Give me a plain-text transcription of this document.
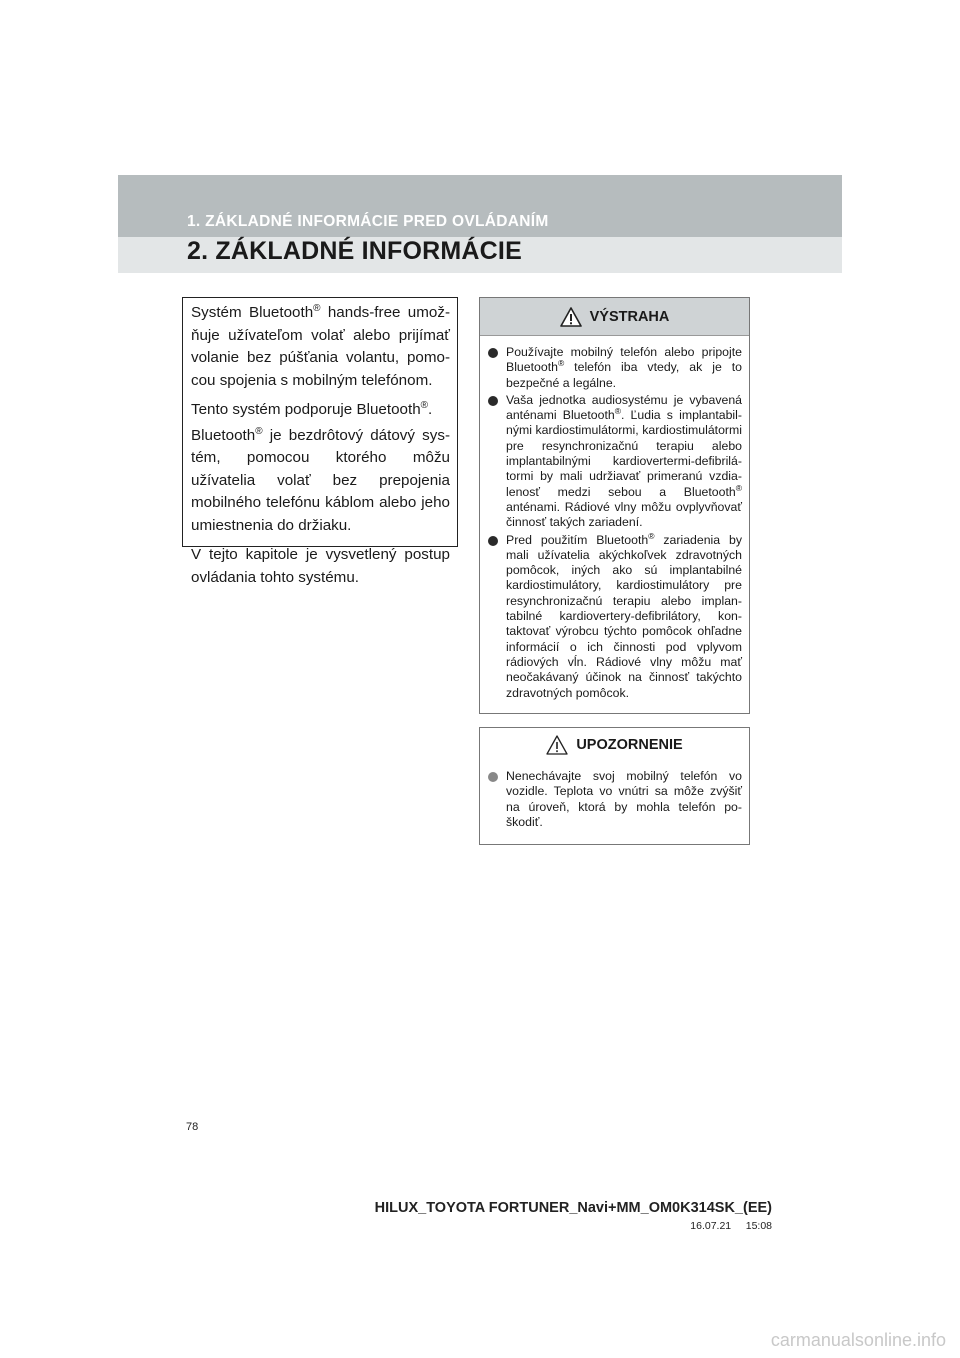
1. ZÁKLADNÉ INFORMÁCIE PRED OVLÁDANÍM
2. ZÁKLADNÉ INFORMÁCIE

Systém Bluetooth® hands-free umožňuje užívateľom volať alebo prijímať volanie bez púšťania volantu, pomocou spojenia s mobilným telefónom.

Tento systém podporuje Bluetooth®.

Bluetooth® je bezdrôtový dátový systém, pomocou ktorého môžu užívatelia volať bez prepojenia mobilného telefónu káblom alebo jeho umiestnenia do držiaku.

V tejto kapitole je vysvetlený postup ovládania tohto systému.

VÝSTRAHA
Používajte mobilný telefón alebo pripojte Bluetooth® telefón iba vtedy, ak je to bezpečné a legálne.
Vaša jednotka audiosystému je vybavená anténami Bluetooth®. Ľudia s implantabilnými kardiostimulátormi, kardiostimulátormi pre resynchronizačnú terapiu alebo implantabilnými kardiovertermi-defibrilátormi by mali udržiavať primeranú vzdialenosť medzi sebou a Bluetooth® anténami. Rádiové vlny môžu ovplyvňovať činnosť takých zariadení.
Pred použitím Bluetooth® zariadenia by mali užívatelia akýchkoľvek zdravotných pomôcok, iných ako sú implantabilné kardiostimulátory, kardiostimulátory pre resynchronizačnú terapiu alebo implantabilné kardiovertery-defibrilátory, kontaktovať výrobcu týchto pomôcok ohľadne informácií o ich činnosti pod vplyvom rádiových vĺn. Rádiové vlny môžu mať neočakávaný účinok na činnosť takýchto zdravotných pomôcok.
UPOZORNENIE
Nenechávajte svoj mobilný telefón vo vozidle. Teplota vo vnútri sa môže zvýšiť na úroveň, ktorá by mohla telefón poškodiť.
78
HILUX_TOYOTA FORTUNER_Navi+MM_OM0K314SK_(EE)
16.07.21     15:08
carmanualsonline.info
